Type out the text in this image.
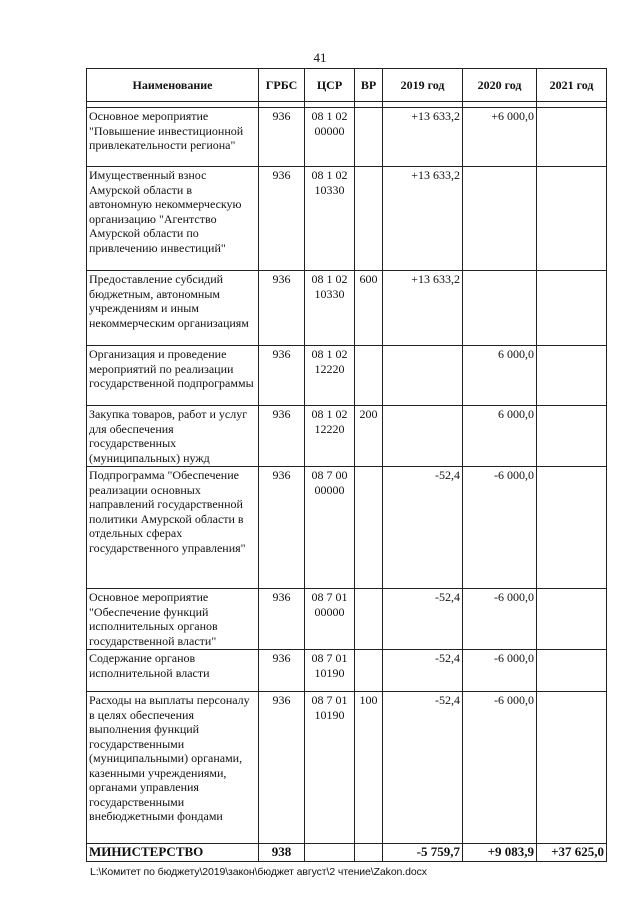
41
Наименование	ГРБС	ЦСР	ВР	2019 год	2020 год	2021 год

Основное мероприятие "Повышение инвестиционной привлекательности региона"	936	08 1 02 00000		+13 633,2	+6 000,0	
Имущественный взнос Амурской области в автономную некоммерческую организацию "Агентство Амурской области по привлечению инвестиций"	936	08 1 02 10330		+13 633,2		
Предоставление субсидий бюджетным, автономным учреждениям и иным некоммерческим организациям	936	08 1 02 10330	600	+13 633,2		
Организация и проведение мероприятий по реализации государственной подпрограммы	936	08 1 02 12220			6 000,0	
Закупка товаров, работ и услуг для обеспечения государственных (муниципальных) нужд	936	08 1 02 12220	200		6 000,0	
Подпрограмма "Обеспечение реализации основных направлений государственной политики Амурской области в отдельных сферах государственного управления"	936	08 7 00 00000		-52,4	-6 000,0	
Основное мероприятие "Обеспечение функций исполнительных органов государственной власти"	936	08 7 01 00000		-52,4	-6 000,0	
Содержание органов исполнительной власти	936	08 7 01 10190		-52,4	-6 000,0	
Расходы на выплаты персоналу в целях обеспечения выполнения функций государственными (муниципальными) органами, казенными учреждениями, органами управления государственными внебюджетными фондами	936	08 7 01 10190	100	-52,4	-6 000,0	
МИНИСТЕРСТВО	938			-5 759,7	+9 083,9	+37 625,0
L:\Комитет по бюджету\2019\закон\бюджет август\2 чтение\Zakon.docx
